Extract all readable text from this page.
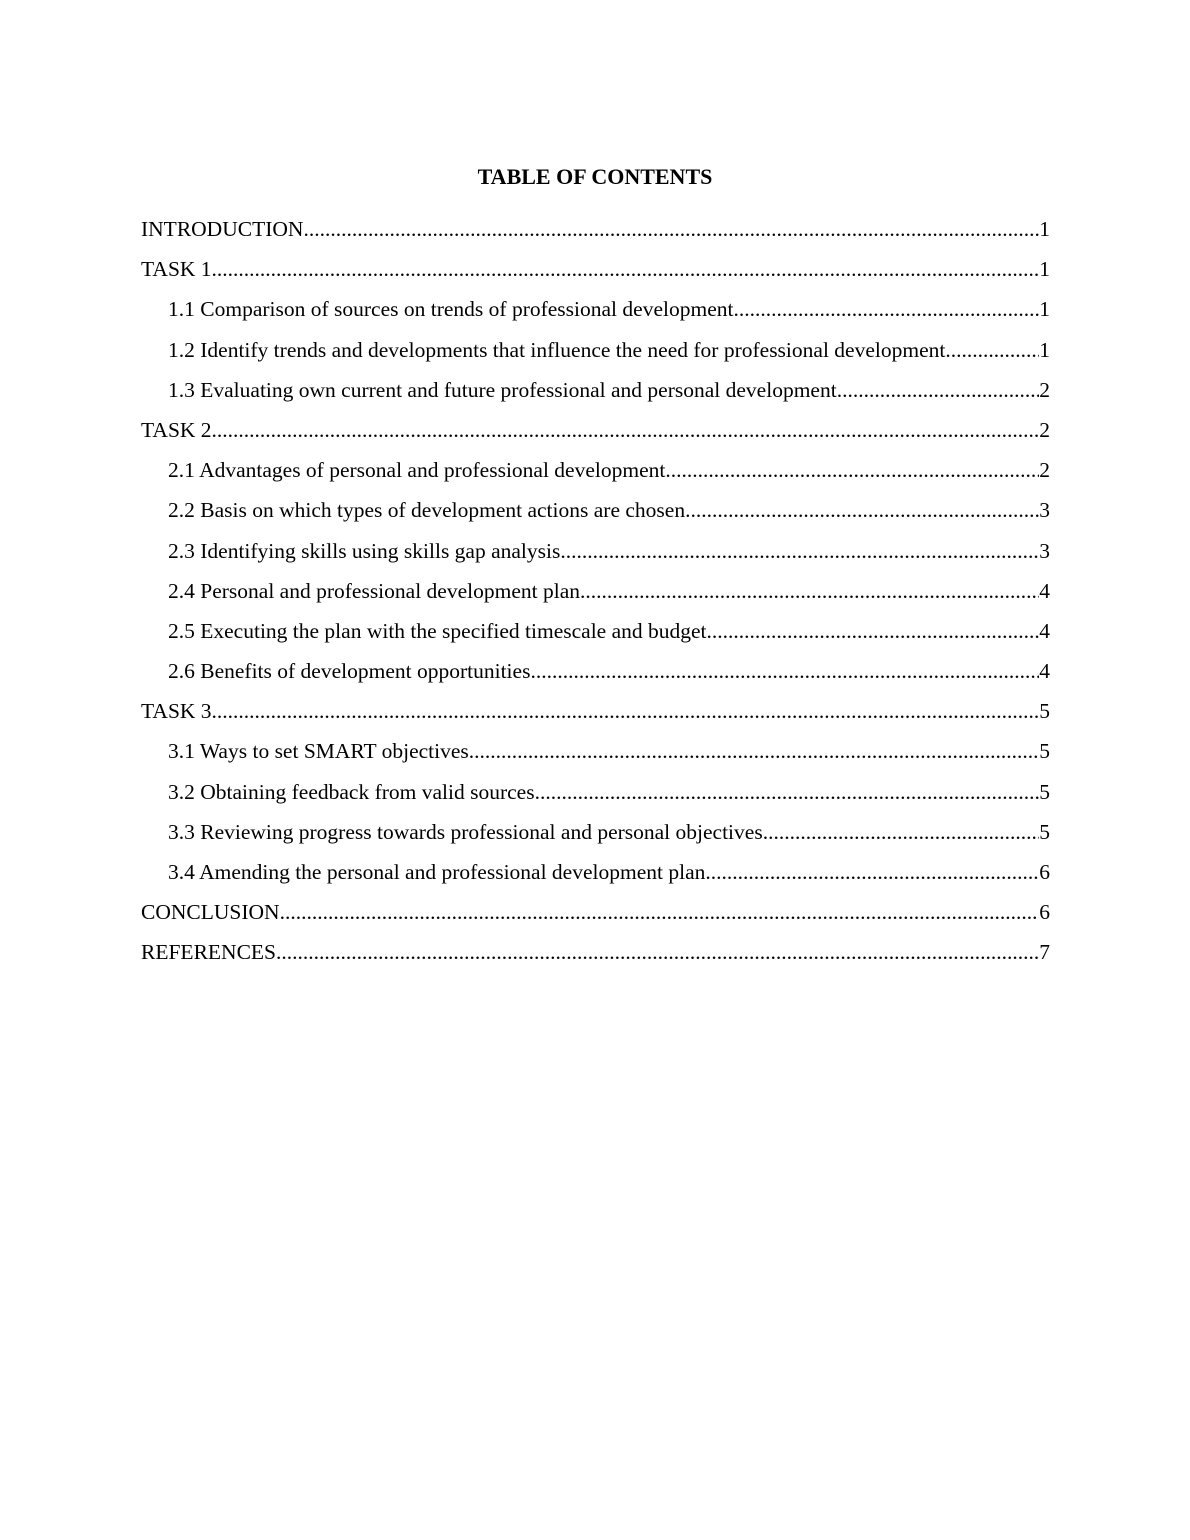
TABLE OF CONTENTS
INTRODUCTION .....	1
TASK 1 .....	1
1.1 Comparison of sources on trends of professional development .....	1
1.2 Identify trends and developments that influence the need for professional development .....	1
1.3 Evaluating own current and future professional and personal development .....	2
TASK 2 .....	2
2.1 Advantages of personal and professional development .....	2
2.2 Basis on which types of development actions are chosen .....	3
2.3 Identifying skills using skills gap analysis .....	3
2.4 Personal and professional development plan .....	4
2.5 Executing the plan with the specified timescale and budget .....	4
2.6 Benefits of development opportunities .....	4
TASK 3 .....	5
3.1 Ways to set SMART objectives .....	5
3.2 Obtaining feedback from valid sources .....	5
3.3 Reviewing progress towards professional and personal objectives .....	5
3.4 Amending the personal and professional development plan .....	6
CONCLUSION .....	6
REFERENCES .....	7
